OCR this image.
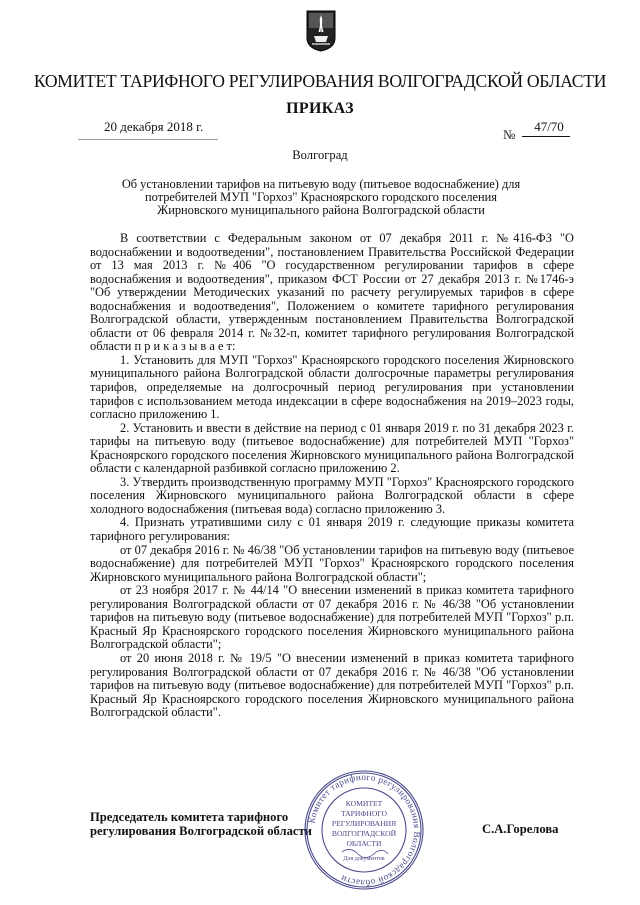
КОМИТЕТ ТАРИФНОГО РЕГУЛИРОВАНИЯ ВОЛГОГРАДСКОЙ ОБЛАСТИ
ПРИКАЗ
20 декабря 2018 г.
№
47/70
Волгоград
Об установлении тарифов на питьевую воду (питьевое водоснабжение) для потребителей МУП "Горхоз" Красноярского городского поселения Жирновского муниципального района Волгоградской области

В соответствии с Федеральным законом от 07 декабря 2011 г. №416-ФЗ "О водоснабжении и водоотведении", постановлением Правительства Российской Федерации от 13 мая 2013 г. №406 "О государственном регулировании тарифов в сфере водоснабжения и водоотведения", приказом ФСТ России от 27 декабря 2013 г. №1746-э "Об утверждении Методических указаний по расчету регулируемых тарифов в сфере водоснабжения и водоотведения", Положением о комитете тарифного регулирования Волгоградской области, утвержденным постановлением Правительства Волгоградской области от 06 февраля 2014 г. №32-п, комитет тарифного регулирования Волгоградской области п р и к а з ы в а е т:

1. Установить для МУП "Горхоз" Красноярского городского поселения Жирновского муниципального района Волгоградской области долгосрочные параметры регулирования тарифов, определяемые на долгосрочный период регулирования при установлении тарифов с использованием метода индексации в сфере водоснабжения на 2019–2023 годы, согласно приложению 1.

2. Установить и ввести в действие на период с 01 января 2019 г. по 31 декабря 2023 г. тарифы на питьевую воду (питьевое водоснабжение) для потребителей МУП "Горхоз" Красноярского городского поселения Жирновского муниципального района Волгоградской области с календарной разбивкой согласно приложению 2.

3. Утвердить производственную программу МУП "Горхоз" Красноярского городского поселения Жирновского муниципального района Волгоградской области в сфере холодного водоснабжения (питьевая вода) согласно приложению 3.

4. Признать утратившими силу с 01 января 2019 г. следующие приказы комитета тарифного регулирования:

от 07 декабря 2016 г. № 46/38 "Об установлении тарифов на питьевую воду (питьевое водоснабжение) для потребителей МУП "Горхоз" Красноярского городского поселения Жирновского муниципального района Волгоградской области";

от 23 ноября 2017 г. № 44/14 "О внесении изменений в приказ комитета тарифного регулирования Волгоградской области от 07 декабря 2016 г. № 46/38 "Об установлении тарифов на питьевую воду (питьевое водоснабжение) для потребителей МУП "Горхоз" р.п. Красный Яр Красноярского городского поселения Жирновского муниципального района Волгоградской области";

от 20 июня 2018 г. № 19/5 "О внесении изменений в приказ комитета тарифного регулирования Волгоградской области от 07 декабря 2016 г. № 46/38 "Об установлении тарифов на питьевую воду (питьевое водоснабжение) для потребителей МУП "Горхоз" р.п. Красный Яр Красноярского городского поселения Жирновского муниципального района Волгоградской области".

Председатель комитета тарифного
регулирования Волгоградской области	С.А.Горелова
Комитет тарифного регулирования Волгоградской области
КОМИТЕТ
ТАРИФНОГО
РЕГУЛИРОВАНИЯ
ВОЛГОГРАДСКОЙ
ОБЛАСТИ
Для документов
